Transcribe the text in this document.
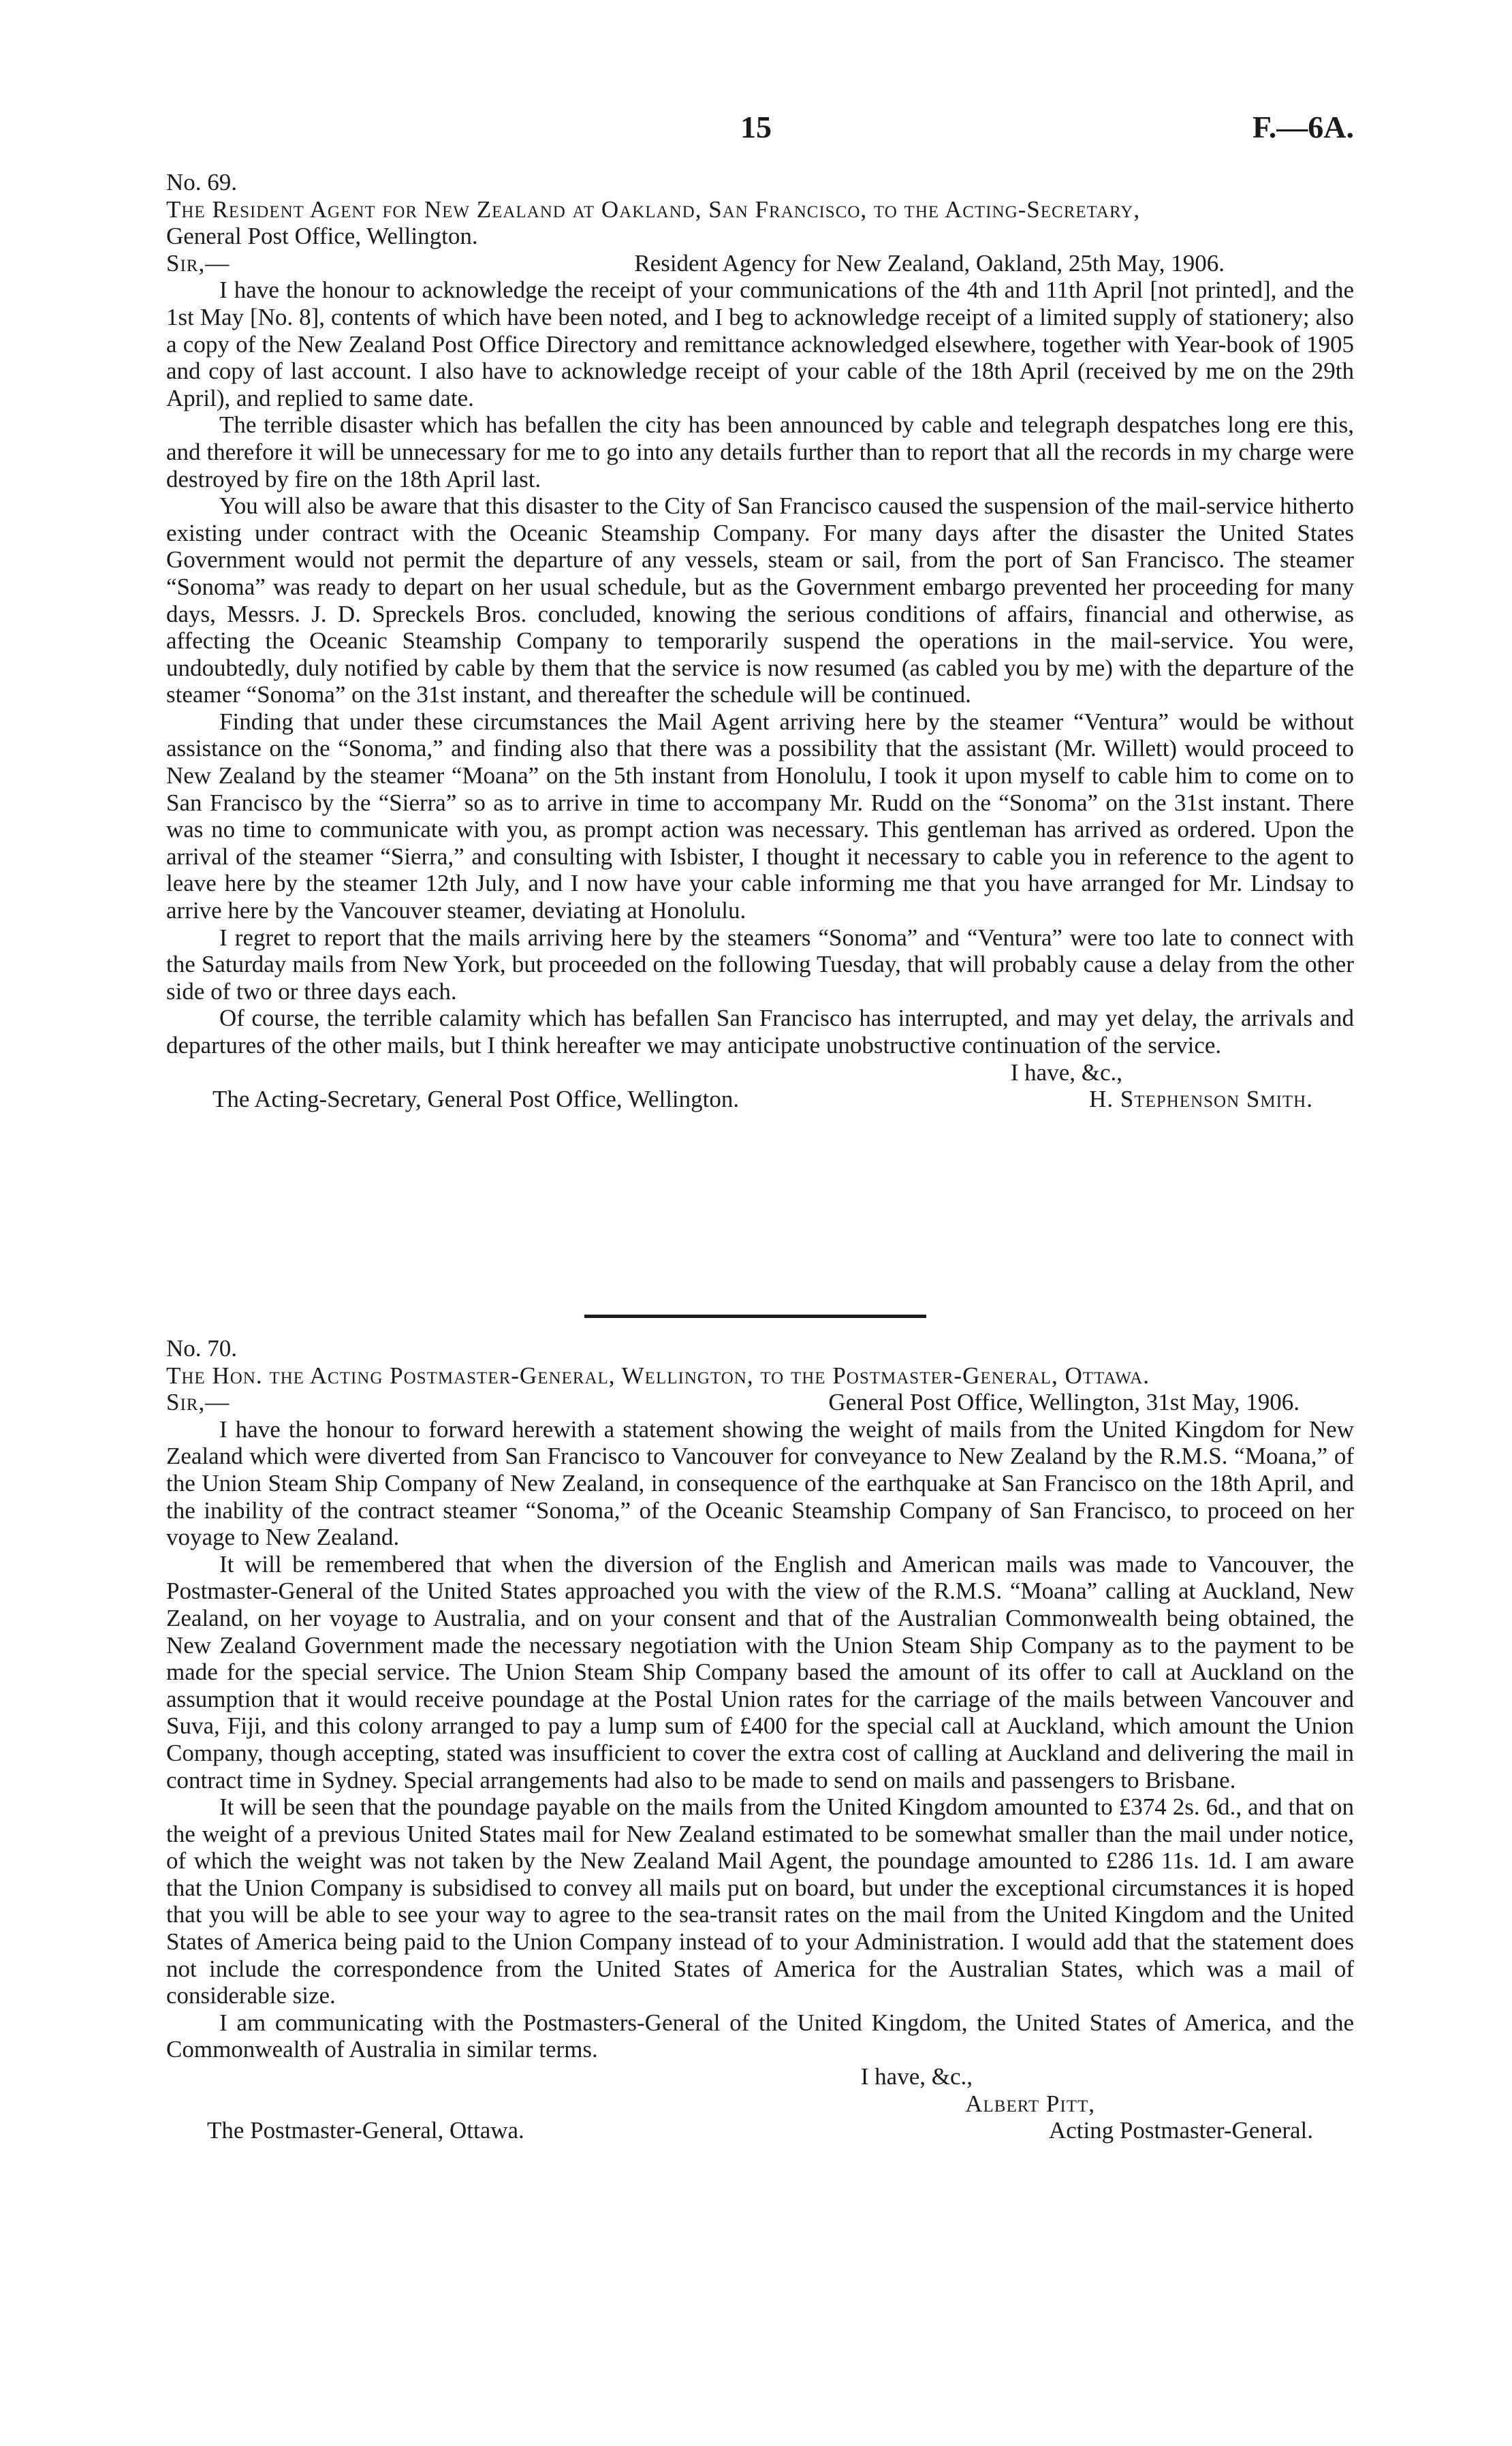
15	F.—6A.

No. 69.

The Resident Agent for New Zealand at Oakland, San Francisco, to the Acting-Secretary,

General Post Office, Wellington.

Sir,—	Resident Agency for New Zealand, Oakland, 25th May, 1906.

I have the honour to acknowledge the receipt of your communications of the 4th and 11th April [not printed], and the 1st May [No. 8], contents of which have been noted, and I beg to acknowledge receipt of a limited supply of stationery; also a copy of the New Zealand Post Office Directory and remittance acknowledged elsewhere, together with Year-book of 1905 and copy of last account. I also have to acknowledge receipt of your cable of the 18th April (received by me on the 29th April), and replied to same date.

The terrible disaster which has befallen the city has been announced by cable and telegraph despatches long ere this, and therefore it will be unnecessary for me to go into any details further than to report that all the records in my charge were destroyed by fire on the 18th April last.

You will also be aware that this disaster to the City of San Francisco caused the suspension of the mail-service hitherto existing under contract with the Oceanic Steamship Company. For many days after the disaster the United States Government would not permit the departure of any vessels, steam or sail, from the port of San Francisco. The steamer “Sonoma” was ready to depart on her usual schedule, but as the Government embargo prevented her proceeding for many days, Messrs. J. D. Spreckels Bros. concluded, knowing the serious conditions of affairs, financial and otherwise, as affecting the Oceanic Steamship Company to temporarily suspend the operations in the mail-service. You were, undoubtedly, duly notified by cable by them that the service is now resumed (as cabled you by me) with the departure of the steamer “Sonoma” on the 31st instant, and thereafter the schedule will be continued.

Finding that under these circumstances the Mail Agent arriving here by the steamer “Ventura” would be without assistance on the “Sonoma,” and finding also that there was a possibility that the assistant (Mr. Willett) would proceed to New Zealand by the steamer “Moana” on the 5th instant from Honolulu, I took it upon myself to cable him to come on to San Francisco by the “Sierra” so as to arrive in time to accompany Mr. Rudd on the “Sonoma” on the 31st instant. There was no time to communicate with you, as prompt action was necessary. This gentleman has arrived as ordered. Upon the arrival of the steamer “Sierra,” and consulting with Isbister, I thought it necessary to cable you in reference to the agent to leave here by the steamer 12th July, and I now have your cable informing me that you have arranged for Mr. Lindsay to arrive here by the Vancouver steamer, deviating at Honolulu.

I regret to report that the mails arriving here by the steamers “Sonoma” and “Ventura” were too late to connect with the Saturday mails from New York, but proceeded on the following Tuesday, that will probably cause a delay from the other side of two or three days each.

Of course, the terrible calamity which has befallen San Francisco has interrupted, and may yet delay, the arrivals and departures of the other mails, but I think hereafter we may anticipate unobstructive continuation of the service.

I have, &c.,
The Acting-Secretary, General Post Office, Wellington.	H. Stephenson Smith.

No. 70.

The Hon. the Acting Postmaster-General, Wellington, to the Postmaster-General, Ottawa.

Sir,—	General Post Office, Wellington, 31st May, 1906.

I have the honour to forward herewith a statement showing the weight of mails from the United Kingdom for New Zealand which were diverted from San Francisco to Vancouver for conveyance to New Zealand by the R.M.S. “Moana,” of the Union Steam Ship Company of New Zealand, in consequence of the earthquake at San Francisco on the 18th April, and the inability of the contract steamer “Sonoma,” of the Oceanic Steamship Company of San Francisco, to proceed on her voyage to New Zealand.

It will be remembered that when the diversion of the English and American mails was made to Vancouver, the Postmaster-General of the United States approached you with the view of the R.M.S. “Moana” calling at Auckland, New Zealand, on her voyage to Australia, and on your consent and that of the Australian Commonwealth being obtained, the New Zealand Government made the necessary negotiation with the Union Steam Ship Company as to the payment to be made for the special service. The Union Steam Ship Company based the amount of its offer to call at Auckland on the assumption that it would receive poundage at the Postal Union rates for the carriage of the mails between Vancouver and Suva, Fiji, and this colony arranged to pay a lump sum of £400 for the special call at Auckland, which amount the Union Company, though accepting, stated was insufficient to cover the extra cost of calling at Auckland and delivering the mail in contract time in Sydney. Special arrangements had also to be made to send on mails and passengers to Brisbane.

It will be seen that the poundage payable on the mails from the United Kingdom amounted to £374 2s. 6d., and that on the weight of a previous United States mail for New Zealand estimated to be somewhat smaller than the mail under notice, of which the weight was not taken by the New Zealand Mail Agent, the poundage amounted to £286 11s. 1d. I am aware that the Union Company is subsidised to convey all mails put on board, but under the exceptional circumstances it is hoped that you will be able to see your way to agree to the sea-transit rates on the mail from the United Kingdom and the United States of America being paid to the Union Company instead of to your Administration. I would add that the statement does not include the correspondence from the United States of America for the Australian States, which was a mail of considerable size.

I am communicating with the Postmasters-General of the United Kingdom, the United States of America, and the Commonwealth of Australia in similar terms.

I have, &c.,
Albert Pitt,
The Postmaster-General, Ottawa.	Acting Postmaster-General.
